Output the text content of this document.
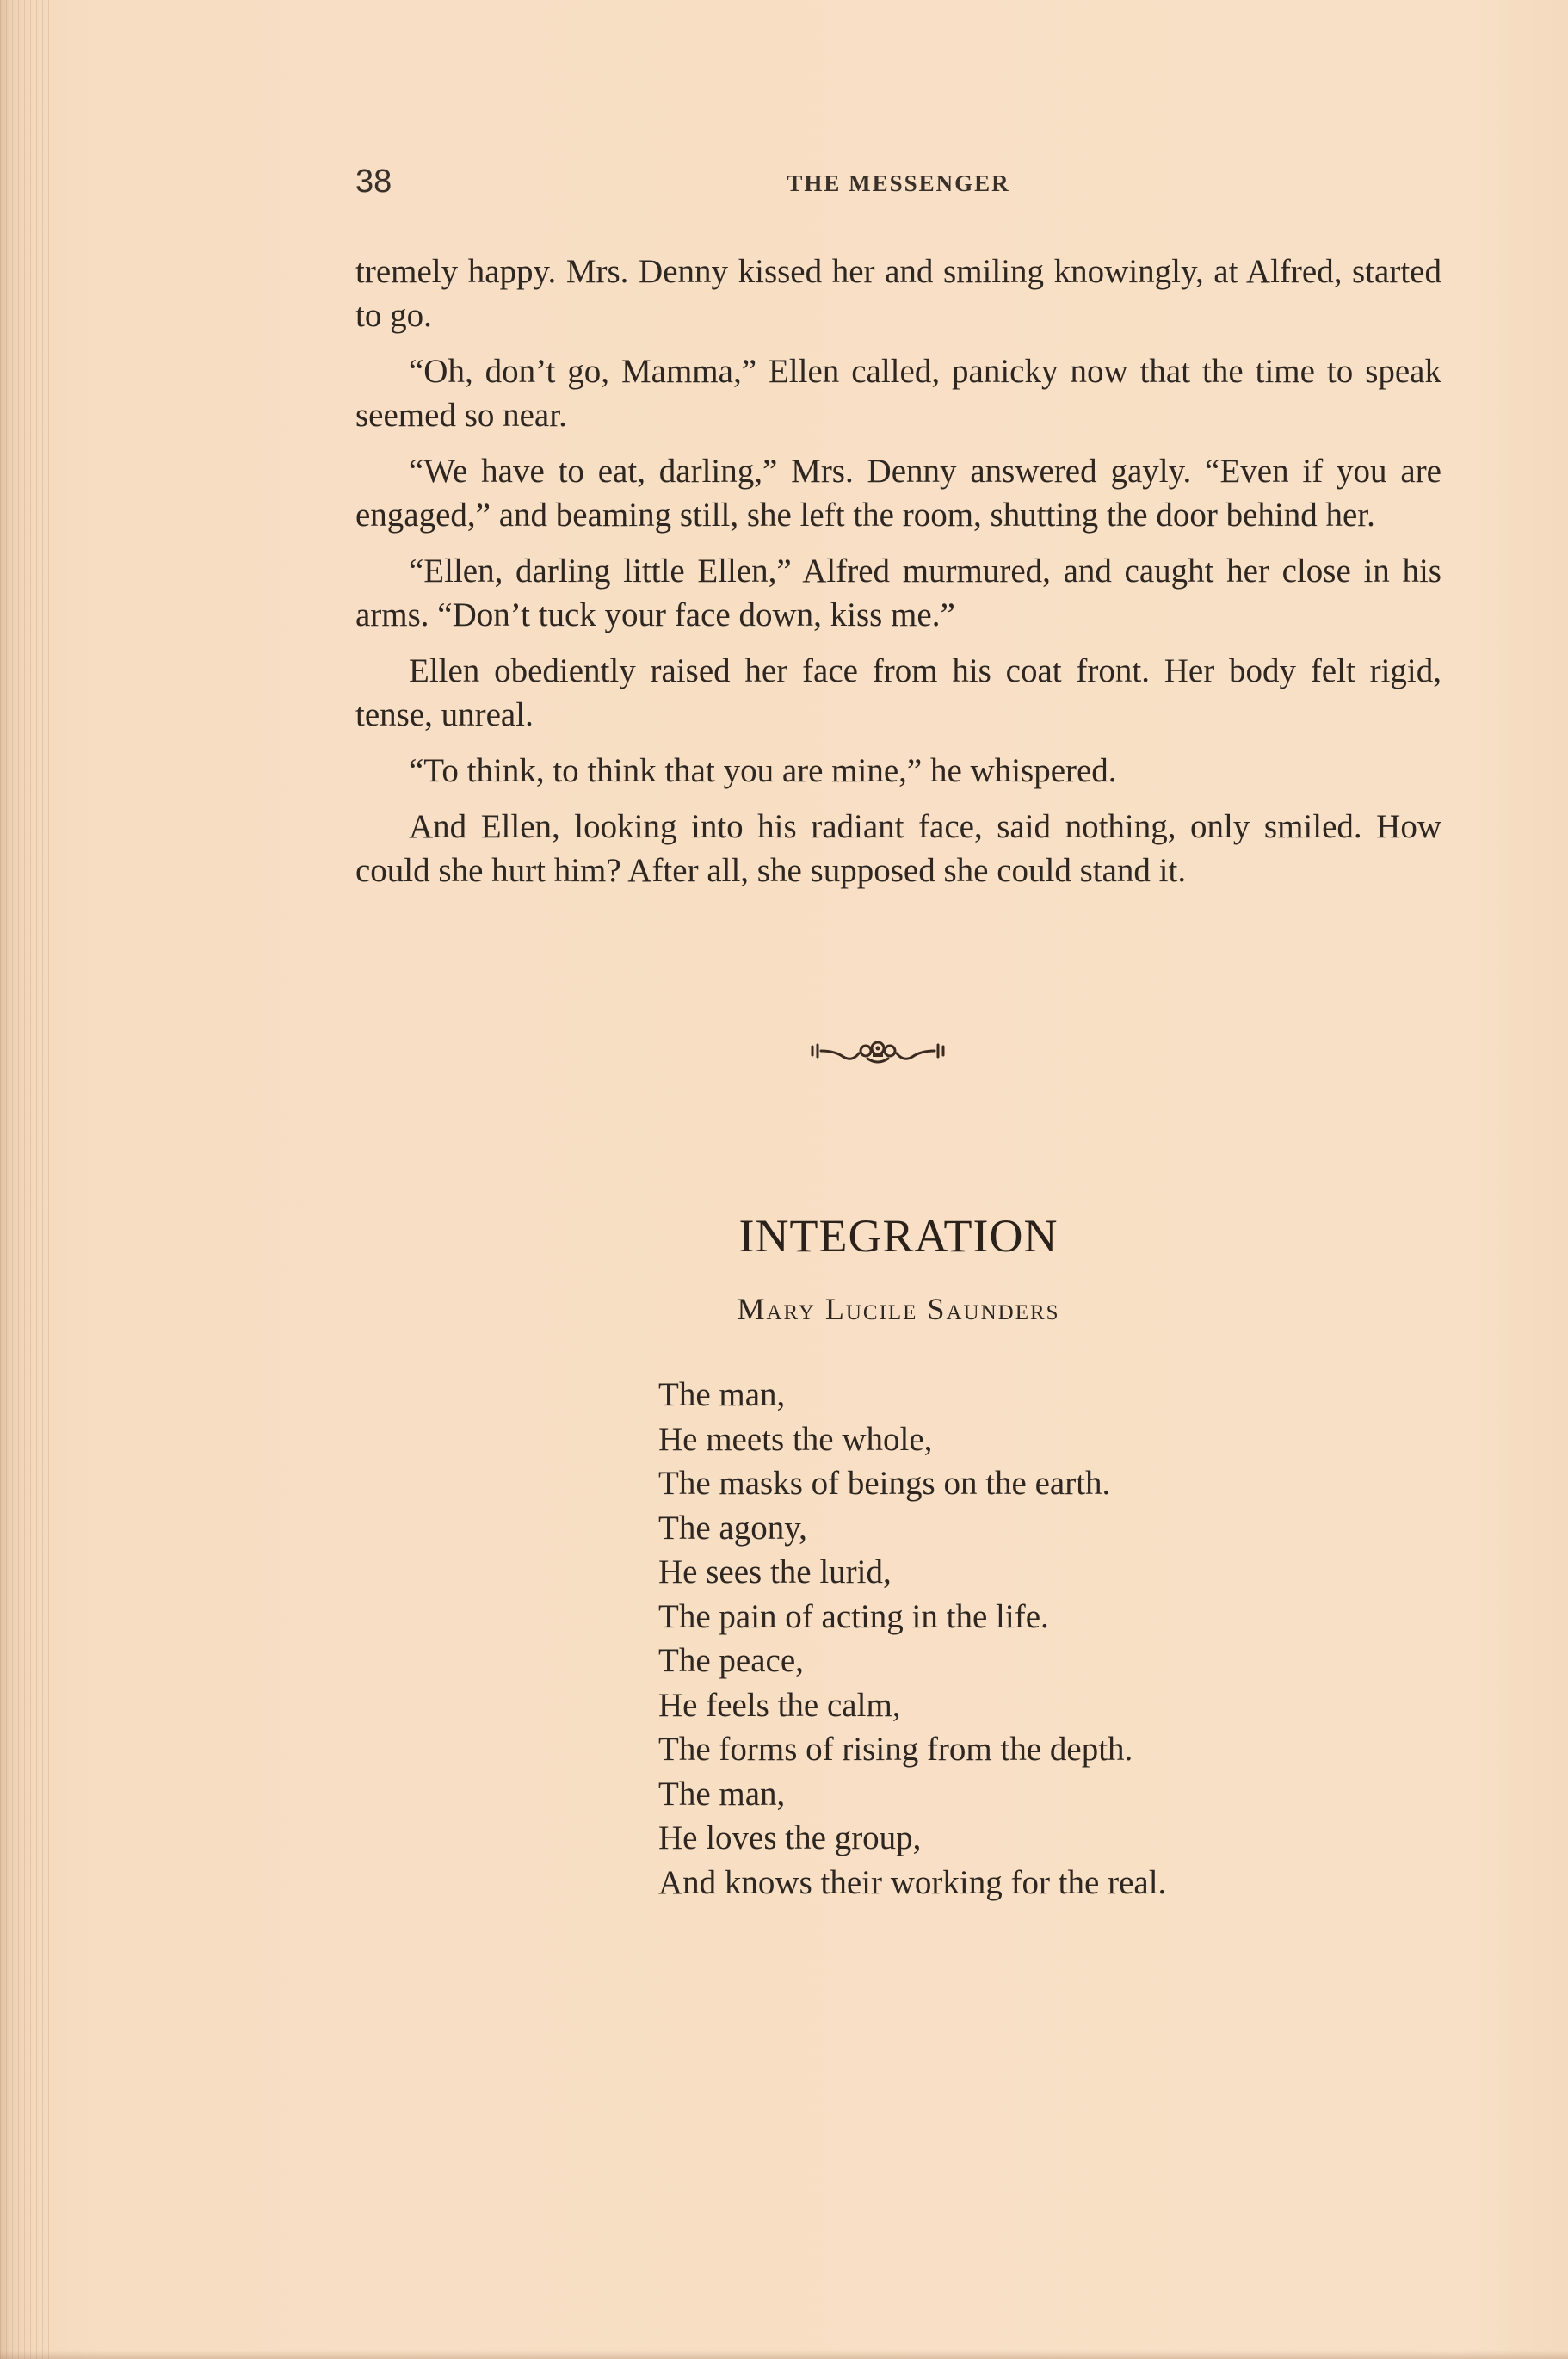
38	THE MESSENGER

tremely happy. Mrs. Denny kissed her and smiling knowingly, at Alfred, started to go.

“Oh, don’t go, Mamma,” Ellen called, panicky now that the time to speak seemed so near.

“We have to eat, darling,” Mrs. Denny answered gayly. “Even if you are engaged,” and beaming still, she left the room, shutting the door behind her.

“Ellen, darling little Ellen,” Alfred murmured, and caught her close in his arms. “Don’t tuck your face down, kiss me.”

Ellen obediently raised her face from his coat front. Her body felt rigid, tense, unreal.

“To think, to think that you are mine,” he whispered.

And Ellen, looking into his radiant face, said nothing, only smiled. How could she hurt him? After all, she supposed she could stand it.

INTEGRATION
Mary Lucile Saunders
The man,
He meets the whole,
The masks of beings on the earth.
The agony,
He sees the lurid,
The pain of acting in the life.
The peace,
He feels the calm,
The forms of rising from the depth.
The man,
He loves the group,
And knows their working for the real.
